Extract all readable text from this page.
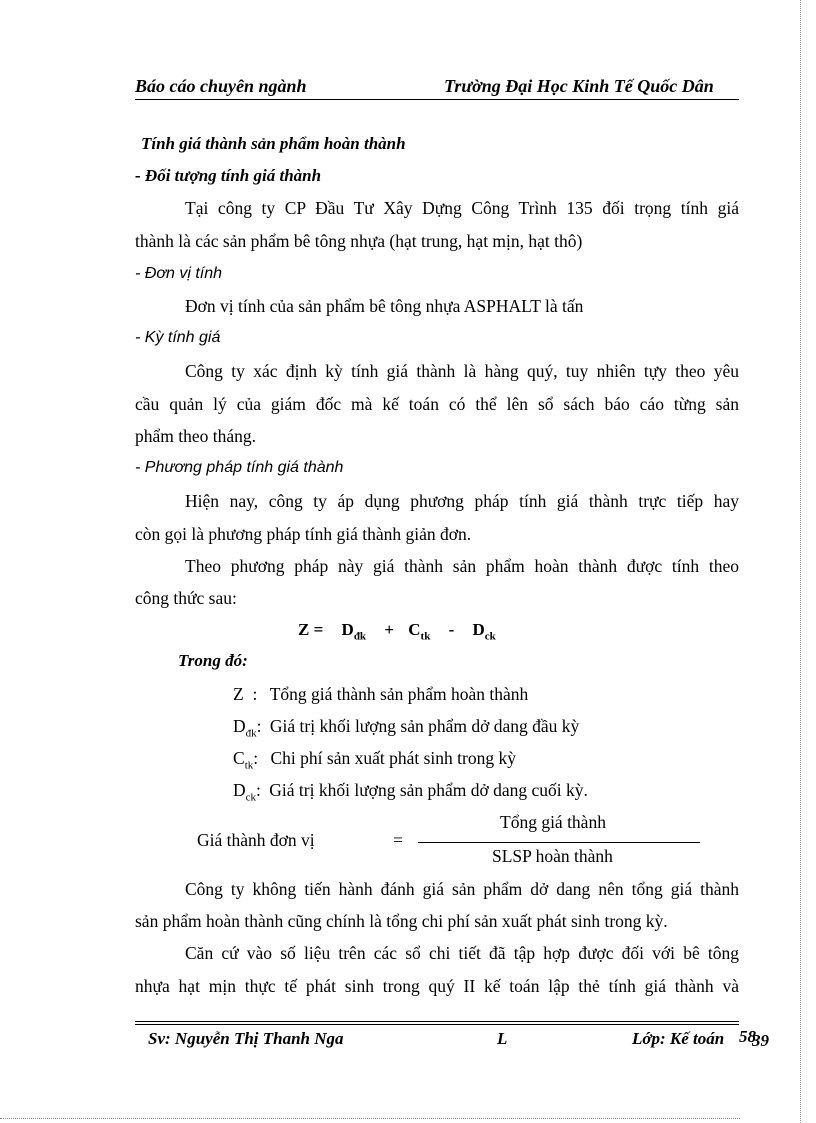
Báo cáo chuyên ngành	Trường Đại Học Kinh Tế Quốc Dân
Tính giá thành sản phẩm hoàn thành
- Đối tượng tính giá thành
Tại công ty CP Đầu Tư Xây Dựng Công Trình 135 đối trọng tính giá
thành là các sản phẩm bê tông nhựa (hạt trung, hạt mịn, hạt thô)
- Đơn vị tính
Đơn vị tính của sản phẩm bê tông nhựa ASPHALT là tấn
- Kỳ tính giá
Công ty xác định kỳ tính giá thành là hàng quý, tuy nhiên tựy theo yêu
cầu quản lý của giám đốc mà kế toán có thể lên sổ sách báo cáo từng sản
phẩm theo tháng.
- Phương pháp tính giá thành
Hiện nay, công ty áp dụng phương pháp tính giá thành trực tiếp hay
còn gọi là phương pháp tính giá thành giản đơn.
Theo phương pháp này giá thành sản phẩm hoàn thành được tính theo
công thức sau:
$Z = D_{đk} + C_{tk} - D_{ck}$
Trong đó:
Z  : Tổng giá thành sản phẩm hoàn thành
$D_{đk}$: Giá trị khối lượng sản phẩm dở dang đầu kỳ
$C_{tk}$: Chi phí sản xuất phát sinh trong kỳ
$D_{ck}$: Giá trị khối lượng sản phẩm dở dang cuối kỳ.
Giá thành đơn vị	=
Tổng giá thành
SLSP hoàn thành
Công ty không tiến hành đánh giá sản phẩm dở dang nên tổng giá thành
sản phẩm hoàn thành cũng chính là tổng chi phí sản xuất phát sinh trong kỳ.
Căn cứ vào số liệu trên các sổ chi tiết đã tập hợp được đối với bê tông
nhựa hạt mịn thực tế phát sinh trong quý II kế toán lập thẻ tính giá thành và
Sv: Nguyễn Thị Thanh Nga	L	Lớp: Kế toán 58
39
